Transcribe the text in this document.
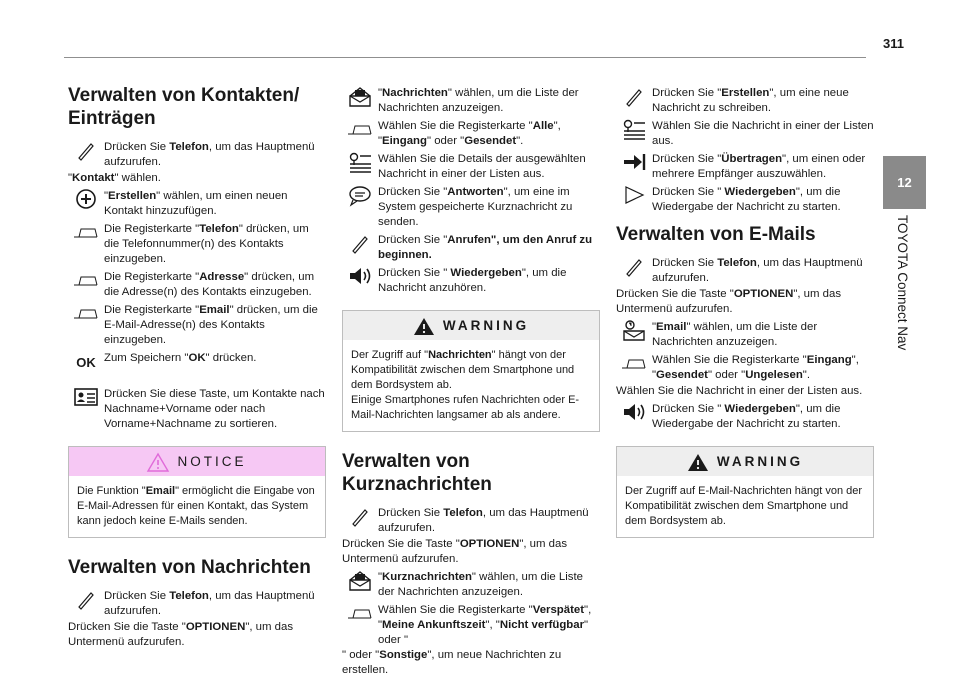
311
12
TOYOTA Connect Nav
Verwalten von Kontakten/ Einträgen
Drücken Sie Telefon, um das Hauptmenü aufzurufen.
"Kontakt" wählen.
"Erstellen" wählen, um einen neuen Kontakt hinzuzufügen.
Die Registerkarte "Telefon" drücken, um die Telefonnummer(n) des Kontakts einzugeben.
Die Registerkarte "Adresse" drücken, um die Adresse(n) des Kontakts einzugeben.
Die Registerkarte "Email" drücken, um die E-Mail-Adresse(n) des Kontakts einzugeben.
OK Zum Speichern "OK" drücken.
Drücken Sie diese Taste, um Kontakte nach Nachname+Vorname oder nach Vorname+Nachname zu sortieren.
NOTICE
Die Funktion "Email" ermöglicht die Eingabe von E-Mail-Adressen für einen Kontakt, das System kann jedoch keine E-Mails senden.
Verwalten von Nachrichten
Drücken Sie Telefon, um das Hauptmenü aufzurufen.
Drücken Sie die Taste "OPTIONEN", um das Untermenü aufzurufen.
"Nachrichten" wählen, um die Liste der Nachrichten anzuzeigen.
Wählen Sie die Registerkarte "Alle", "Eingang" oder "Gesendet".
Wählen Sie die Details der ausgewählten Nachricht in einer der Listen aus.
Drücken Sie "Antworten", um eine im System gespeicherte Kurznachricht zu senden.
Drücken Sie "Anrufen", um den Anruf zu beginnen.
Drücken Sie " Wiedergeben", um die Nachricht anzuhören.
WARNING
Der Zugriff auf "Nachrichten" hängt von der Kompatibilität zwischen dem Smartphone und dem Bordsystem ab.
Einige Smartphones rufen Nachrichten oder E-Mail-Nachrichten langsamer ab als andere.
Verwalten von Kurznachrichten
Drücken Sie Telefon, um das Hauptmenü aufzurufen.
Drücken Sie die Taste "OPTIONEN", um das Untermenü aufzurufen.
"Kurznachrichten" wählen, um die Liste der Nachrichten anzuzeigen.
Wählen Sie die Registerkarte "Verspätet", "Meine Ankunftszeit", "Nicht verfügbar" oder "
" oder "Sonstige", um neue Nachrichten zu erstellen.
Drücken Sie "Erstellen", um eine neue Nachricht zu schreiben.
Wählen Sie die Nachricht in einer der Listen aus.
Drücken Sie "Übertragen", um einen oder mehrere Empfänger auszuwählen.
Drücken Sie " Wiedergeben", um die Wiedergabe der Nachricht zu starten.
Verwalten von E-Mails
Drücken Sie Telefon, um das Hauptmenü aufzurufen.
Drücken Sie die Taste "OPTIONEN", um das Untermenü aufzurufen.
"Email" wählen, um die Liste der Nachrichten anzuzeigen.
Wählen Sie die Registerkarte "Eingang", "Gesendet" oder "Ungelesen".
Wählen Sie die Nachricht in einer der Listen aus.
Drücken Sie " Wiedergeben", um die Wiedergabe der Nachricht zu starten.
WARNING
Der Zugriff auf E-Mail-Nachrichten hängt von der Kompatibilität zwischen dem Smartphone und dem Bordsystem ab.
